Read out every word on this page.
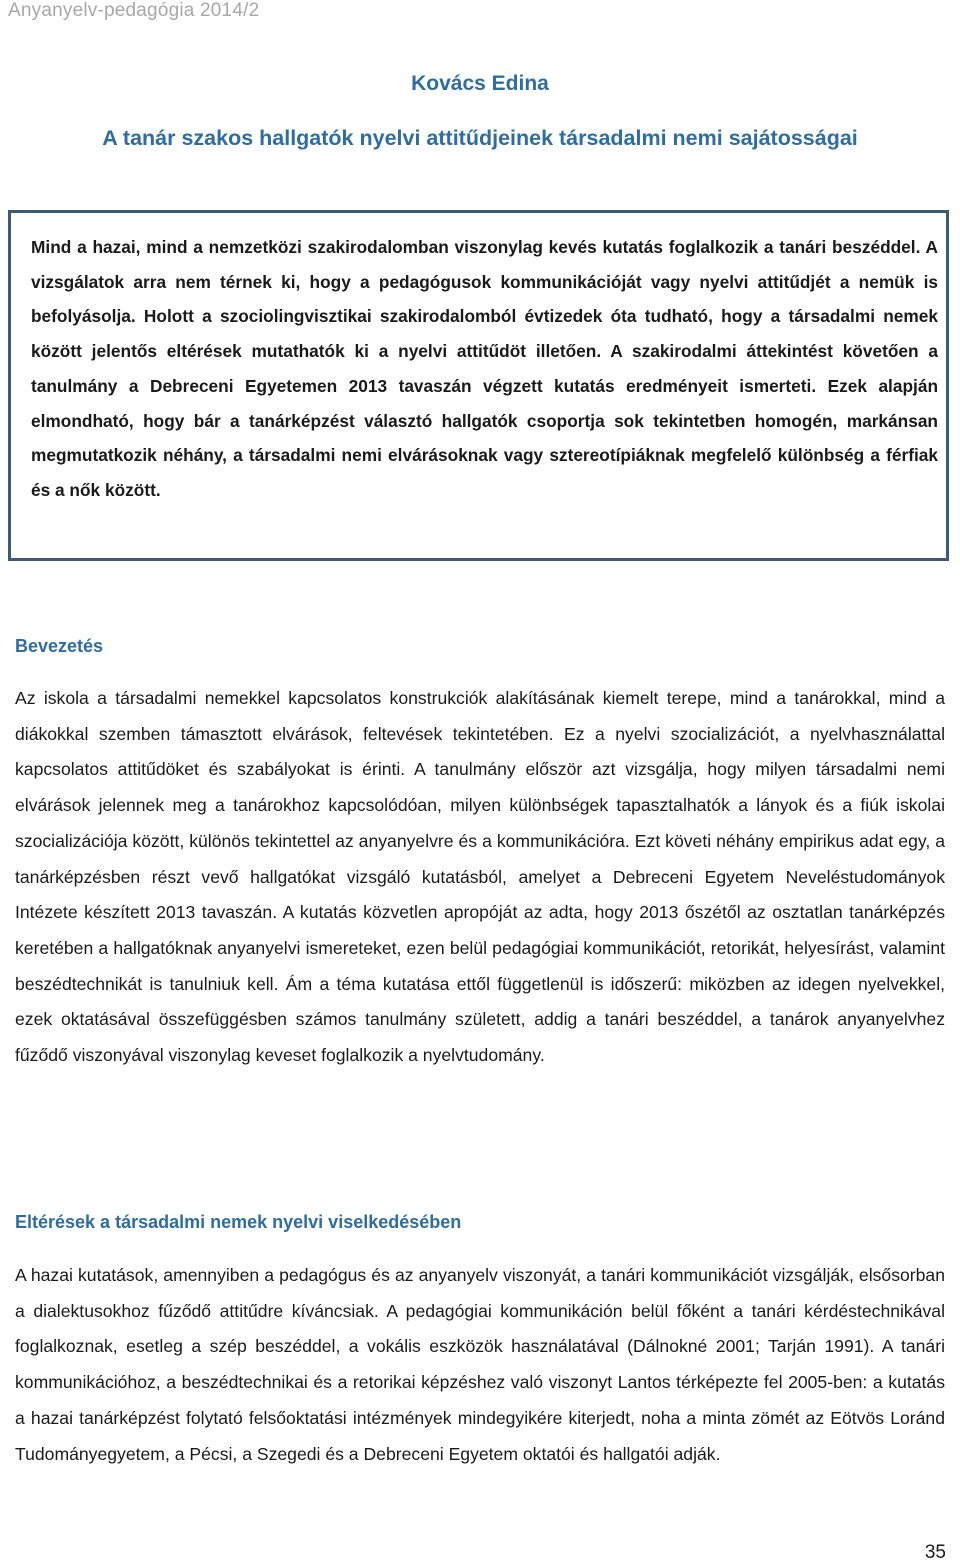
Anyanyelv-pedagógia 2014/2
Kovács Edina
A tanár szakos hallgatók nyelvi attitűdjeinek társadalmi nemi sajátosságai

Mind a hazai, mind a nemzetközi szakirodalomban viszonylag kevés kutatás foglalkozik a tanári beszéddel. A vizsgálatok arra nem térnek ki, hogy a pedagógusok kommunikációját vagy nyelvi attitűdjét a nemük is befolyásolja. Holott a szociolingvisztikai szakirodalomból évtizedek óta tudható, hogy a társadalmi nemek között jelentős eltérések mutathatók ki a nyelvi attitűdöt illetően. A szakirodalmi áttekintést követően a tanulmány a Debreceni Egyetemen 2013 tavaszán végzett kutatás eredményeit ismerteti. Ezek alapján elmondható, hogy bár a tanárképzést választó hallgatók csoportja sok tekintetben homogén, markánsan megmutatkozik néhány, a társadalmi nemi elvárásoknak vagy sztereotípiáknak megfelelő különbség a férfiak és a nők között.

Bevezetés

Az iskola a társadalmi nemekkel kapcsolatos konstrukciók alakításának kiemelt terepe, mind a tanárokkal, mind a diákokkal szemben támasztott elvárások, feltevések tekintetében. Ez a nyelvi szocializációt, a nyelvhasználattal kapcsolatos attitűdöket és szabályokat is érinti. A tanulmány először azt vizsgálja, hogy milyen társadalmi nemi elvárások jelennek meg a tanárokhoz kapcsolódóan, milyen különbségek tapasztalhatók a lányok és a fiúk iskolai szocializációja között, különös tekintettel az anyanyelvre és a kommunikációra. Ezt követi néhány empirikus adat egy, a tanárképzésben részt vevő hallgatókat vizsgáló kutatásból, amelyet a Debreceni Egyetem Neveléstudományok Intézete készített 2013 tavaszán. A kutatás közvetlen apropóját az adta, hogy 2013 őszétől az osztatlan tanárképzés keretében a hallgatóknak anyanyelvi ismereteket, ezen belül pedagógiai kommunikációt, retorikát, helyesírást, valamint beszédtechnikát is tanulniuk kell. Ám a téma kutatása ettől függetlenül is időszerű: miközben az idegen nyelvekkel, ezek oktatásával összefüggésben számos tanulmány született, addig a tanári beszéddel, a tanárok anyanyelvhez fűződő viszonyával viszonylag keveset foglalkozik a nyelvtudomány.

Eltérések a társadalmi nemek nyelvi viselkedésében

A hazai kutatások, amennyiben a pedagógus és az anyanyelv viszonyát, a tanári kommunikációt vizsgálják, elsősorban a dialektusokhoz fűződő attitűdre kíváncsiak. A pedagógiai kommunikáción belül főként a tanári kérdéstechnikával foglalkoznak, esetleg a szép beszéddel, a vokális eszközök használatával (Dálnokné 2001; Tarján 1991). A tanári kommunikációhoz, a beszédtechnikai és a retorikai képzéshez való viszonyt Lantos térképezte fel 2005-ben: a kutatás a hazai tanárképzést folytató felsőoktatási intézmények mindegyikére kiterjedt, noha a minta zömét az Eötvös Loránd Tudományegyetem, a Pécsi, a Szegedi és a Debreceni Egyetem oktatói és hallgatói adják.

35
